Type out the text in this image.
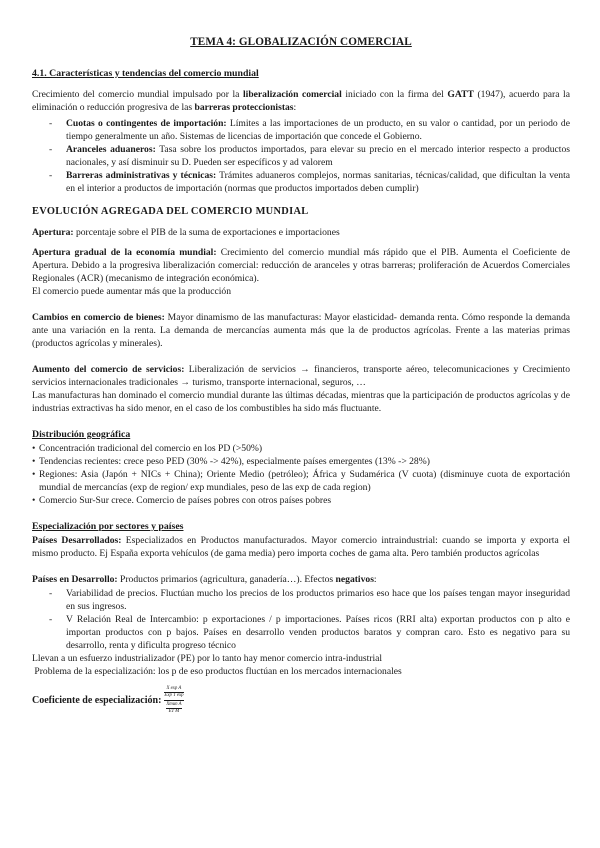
TEMA 4: GLOBALIZACIÓN COMERCIAL
4.1. Características y tendencias del comercio mundial

Crecimiento del comercio mundial impulsado por la liberalización comercial iniciado con la firma del GATT (1947), acuerdo para la eliminación o reducción progresiva de las barreras proteccionistas:

- Cuotas o contingentes de importación: Límites a las importaciones de un producto, en su valor o cantidad, por un periodo de tiempo generalmente un año. Sistemas de licencias de importación que concede el Gobierno.
- Aranceles aduaneros: Tasa sobre los productos importados, para elevar su precio en el mercado interior respecto a productos nacionales, y así disminuir su D. Pueden ser específicos y ad valorem
- Barreras administrativas y técnicas: Trámites aduaneros complejos, normas sanitarias, técnicas/calidad, que dificultan la venta en el interior a productos de importación (normas que productos importados deben cumplir)
EVOLUCIÓN AGREGADA DEL COMERCIO MUNDIAL

Apertura: porcentaje sobre el PIB de la suma de exportaciones e importaciones

Apertura gradual de la economía mundial: Crecimiento del comercio mundial más rápido que el PIB. Aumenta el Coeficiente de Apertura. Debido a la progresiva liberalización comercial: reducción de aranceles y otras barreras; proliferación de Acuerdos Comerciales Regionales (ACR) (mecanismo de integración económica).

El comercio puede aumentar más que la producción

Cambios en comercio de bienes: Mayor dinamismo de las manufacturas: Mayor elasticidad- demanda renta. Cómo responde la demanda ante una variación en la renta. La demanda de mercancías aumenta más que la de productos agrícolas. Frente a las materias primas (productos agrícolas y minerales).

Aumento del comercio de servicios: Liberalización de servicios → financieros, transporte aéreo, telecomunicaciones y Crecimiento servicios internacionales tradicionales → turismo, transporte internacional, seguros, …

Las manufacturas han dominado el comercio mundial durante las últimas décadas, mientras que la participación de productos agrícolas y de industrias extractivas ha sido menor, en el caso de los combustibles ha sido más fluctuante.

Distribución geográfica
• Concentración tradicional del comercio en los PD (>50%)
• Tendencias recientes: crece peso PED (30% -> 42%), especialmente países emergentes (13% -> 28%)
• Regiones: Asia (Japón + NICs + China); Oriente Medio (petróleo); África y Sudamérica (V cuota) (disminuye cuota de exportación mundial de mercancías (exp de region/ exp mundiales, peso de las exp de cada region)
• Comercio Sur-Sur crece. Comercio de países pobres con otros países pobres
Especialización por sectores y países

Países Desarrollados: Especializados en Productos manufacturados. Mayor comercio intraindustrial: cuando se importa y exporta el mismo producto. Ej España exporta vehículos (de gama media) pero importa coches de gama alta. Pero también productos agrícolas

Países en Desarrollo: Productos primarios (agricultura, ganadería…). Efectos negativos:

- Variabilidad de precios. Fluctúan mucho los precios de los productos primarios eso hace que los países tengan mayor inseguridad en sus ingresos.
- V Relación Real de Intercambio: p exportaciones / p importaciones. Países ricos (RRI alta) exportan productos con p alto e importan productos con p bajos. Países en desarrollo venden productos baratos y compran caro. Esto es negativo para su desarrollo, renta y dificulta progreso técnico

Llevan a un esfuerzo industrializador (PE) por lo tanto hay menor comercio intra-industrial

Problema de la especialización: los p de eso productos fluctúan en los mercados internacionales

Coeficiente de especialización: X exp A
Exp T exp
Xmun A
ET M
